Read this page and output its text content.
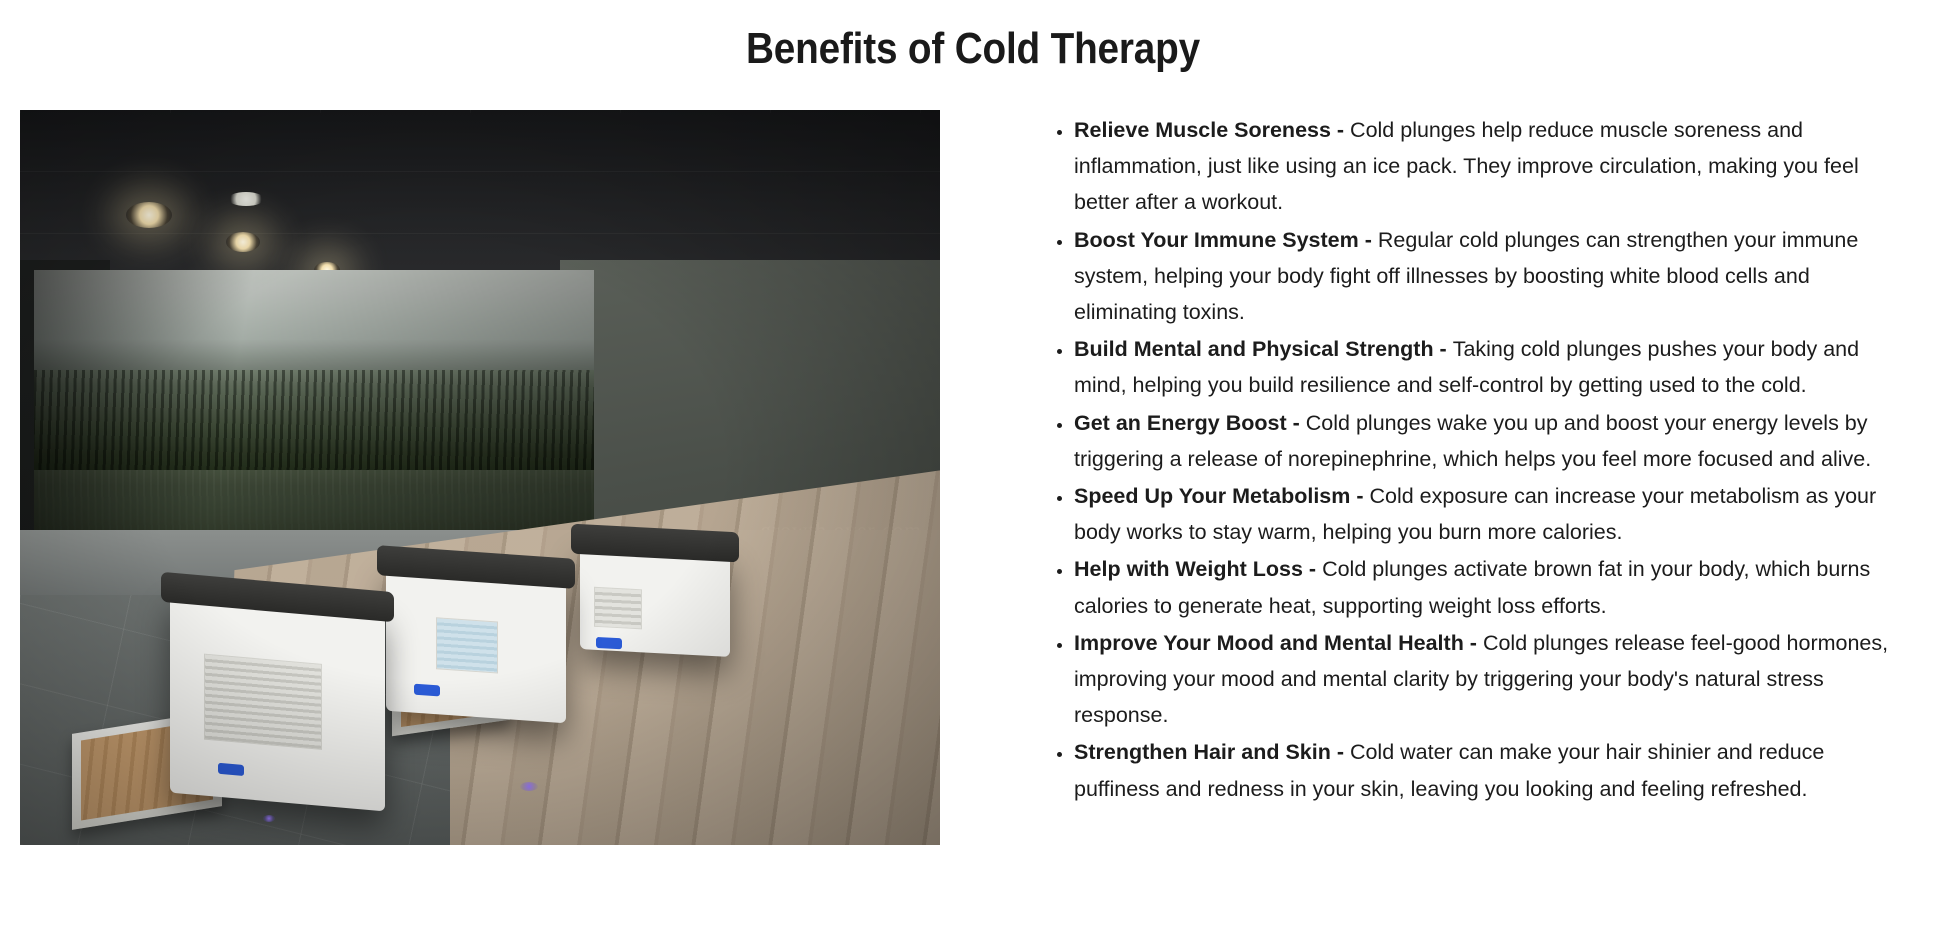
Benefits of Cold Therapy
• Relieve Muscle Soreness - Cold plunges help reduce muscle soreness and inflammation, just like using an ice pack. They improve circulation, making you feel better after a workout.
• Boost Your Immune System - Regular cold plunges can strengthen your immune system, helping your body fight off illnesses by boosting white blood cells and eliminating toxins.
• Build Mental and Physical Strength - Taking cold plunges pushes your body and mind, helping you build resilience and self-control by getting used to the cold.
• Get an Energy Boost - Cold plunges wake you up and boost your energy levels by triggering a release of norepinephrine, which helps you feel more focused and alive.
• Speed Up Your Metabolism - Cold exposure can increase your metabolism as your body works to stay warm, helping you burn more calories.
• Help with Weight Loss - Cold plunges activate brown fat in your body, which burns calories to generate heat, supporting weight loss efforts.
• Improve Your Mood and Mental Health - Cold plunges release feel-good hormones, improving your mood and mental clarity by triggering your body's natural stress response.
• Strengthen Hair and Skin - Cold water can make your hair shinier and reduce puffiness and redness in your skin, leaving you looking and feeling refreshed.
